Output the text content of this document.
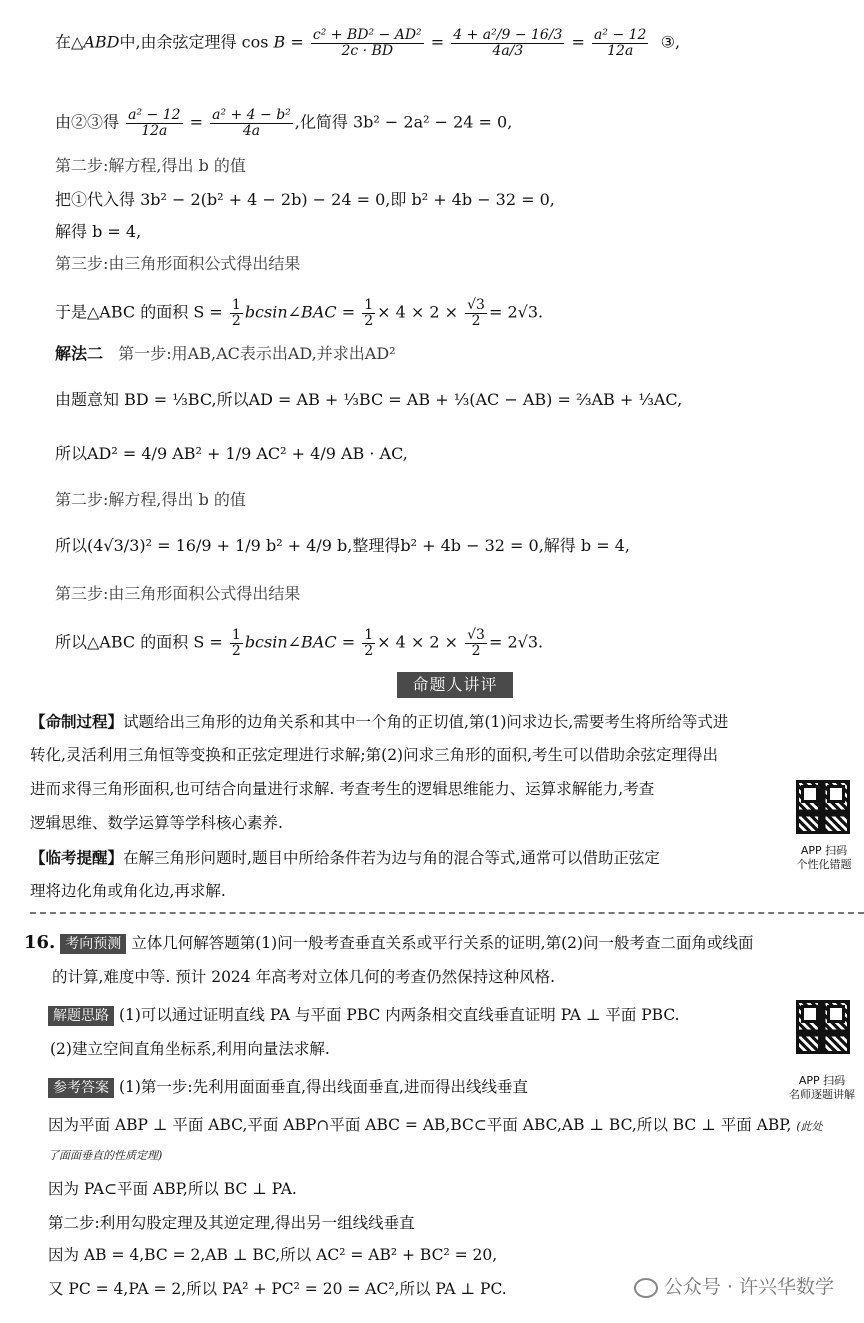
在△ABD中,由余弦定理得 $\cos B = \frac{\text{c² + BD² − AD²}}{2c \cdot BD} = \frac{\text{4 + a²/9 − 16/3}}{4a/3} = \frac{\text{a² − 12}}{12a}$ ③,
由②③得 $\frac{\text{a² − 12}}{12a} = \frac{\text{a² + 4 − b²}}{4a}$ ,化简得 3b² − 2a² − 24 = 0,
第二步:解方程,得出 b 的值
把①代入得 3b² − 2(b² + 4 − 2b) − 24 = 0,即 b² + 4b − 32 = 0,
解得 b = 4,
第三步:由三角形面积公式得出结果
于是△ABC 的面积 $S = \frac{1}{2}$ bcsin∠BAC = $\frac{1}{2} \times 4 \times 2 \times \frac{√3}{2} = 2√3$.
解法二 第一步:用AB,AC表示出AD,并求出AD²
由题意知 BD = ⅓BC,所以AD = AB + ⅓BC = AB + ⅓(AC − AB) = ⅔AB + ⅓AC,
所以AD² = 4/9 AB² + 1/9 AC² + 4/9 AB · AC,
第二步:解方程,得出 b 的值
所以(4√3/3)² = 16/9 + 1/9 b² + 4/9 b,整理得b² + 4b − 32 = 0,解得 b = 4,
第三步:由三角形面积公式得出结果
所以△ABC 的面积 $S = \frac{1}{2}$ bcsin∠BAC = $\frac{1}{2} \times 4 \times 2 \times \frac{√3}{2} = 2√3$.
命题人讲评
【命制过程】试题给出三角形的边角关系和其中一个角的正切值,第(1)问求边长,需要考生将所给等式进
转化,灵活利用三角恒等变换和正弦定理进行求解;第(2)问求三角形的面积,考生可以借助余弦定理得出
进而求得三角形面积,也可结合向量进行求解. 考查考生的逻辑思维能力、运算求解能力,考查
逻辑思维、数学运算等学科核心素养.
【临考提醒】在解三角形问题时,题目中所给条件若为边与角的混合等式,通常可以借助正弦定
理将边化角或角化边,再求解.
APP 扫码
个性化错题
16. 考向预测 立体几何解答题第(1)问一般考查垂直关系或平行关系的证明,第(2)问一般考查二面角或线面
的计算,难度中等. 预计 2024 年高考对立体几何的考查仍然保持这种风格.
解题思路 (1)可以通过证明直线 PA 与平面 PBC 内两条相交直线垂直证明 PA ⊥ 平面 PBC.
(2)建立空间直角坐标系,利用向量法求解.
参考答案 (1)第一步:先利用面面垂直,得出线面垂直,进而得出线线垂直
因为平面 ABP ⊥ 平面 ABC,平面 ABP∩平面 ABC = AB,BC⊂平面 ABC,AB ⊥ BC,所以 BC ⊥ 平面 ABP, (此处
了面面垂直的性质定理)
因为 PA⊂平面 ABP,所以 BC ⊥ PA.
第二步:利用勾股定理及其逆定理,得出另一组线线垂直
因为 AB = 4,BC = 2,AB ⊥ BC,所以 AC² = AB² + BC² = 20,
又 PC = 4,PA = 2,所以 PA² + PC² = 20 = AC²,所以 PA ⊥ PC.
APP 扫码
名师逐题讲解
公众号 · 许兴华数学
